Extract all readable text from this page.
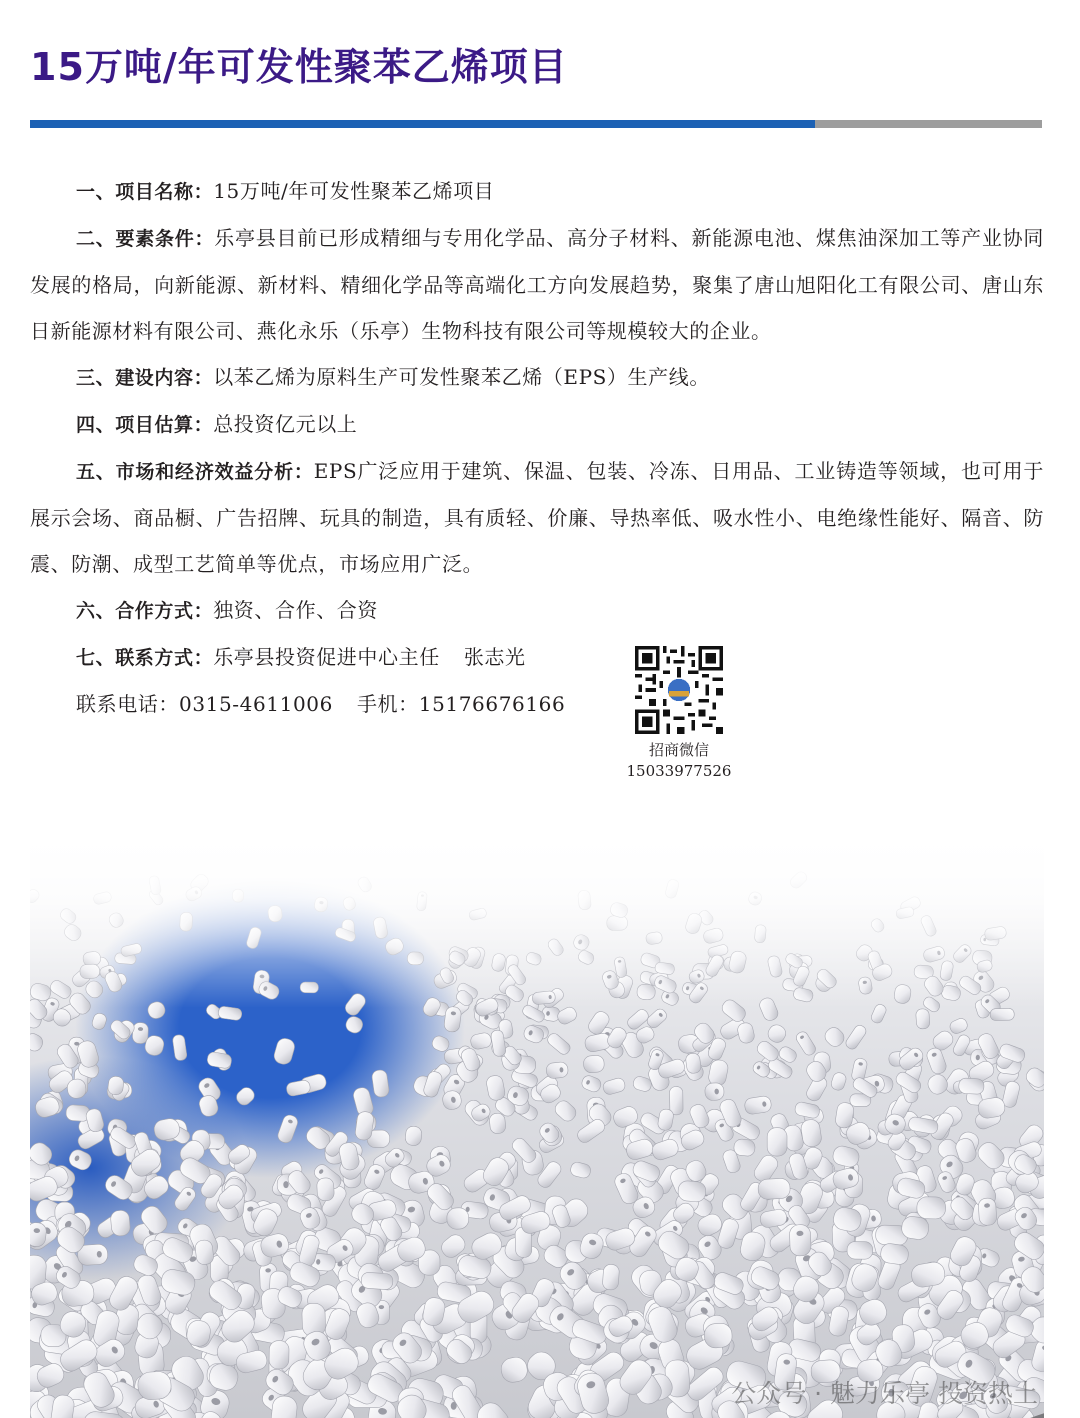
15万吨/年可发性聚苯乙烯项目

一、项目名称：15万吨/年可发性聚苯乙烯项目

二、要素条件：乐亭县目前已形成精细与专用化学品、高分子材料、新能源电池、煤焦油深加工等产业协同发展的格局，向新能源、新材料、精细化学品等高端化工方向发展趋势，聚集了唐山旭阳化工有限公司、唐山东日新能源材料有限公司、燕化永乐（乐亭）生物科技有限公司等规模较大的企业。

三、建设内容：以苯乙烯为原料生产可发性聚苯乙烯（EPS）生产线。

四、项目估算：总投资亿元以上

五、市场和经济效益分析：EPS广泛应用于建筑、保温、包装、冷冻、日用品、工业铸造等领域，也可用于展示会场、商品橱、广告招牌、玩具的制造，具有质轻、价廉、导热率低、吸水性小、电绝缘性能好、隔音、防震、防潮、成型工艺简单等优点，市场应用广泛。

六、合作方式：独资、合作、合资

七、联系方式：乐亭县投资促进中心主任 张志光

联系电话：0315-4611006 手机：15176676166

招商微信
15033977526
公众号 · 魅力乐亭 投资热土
